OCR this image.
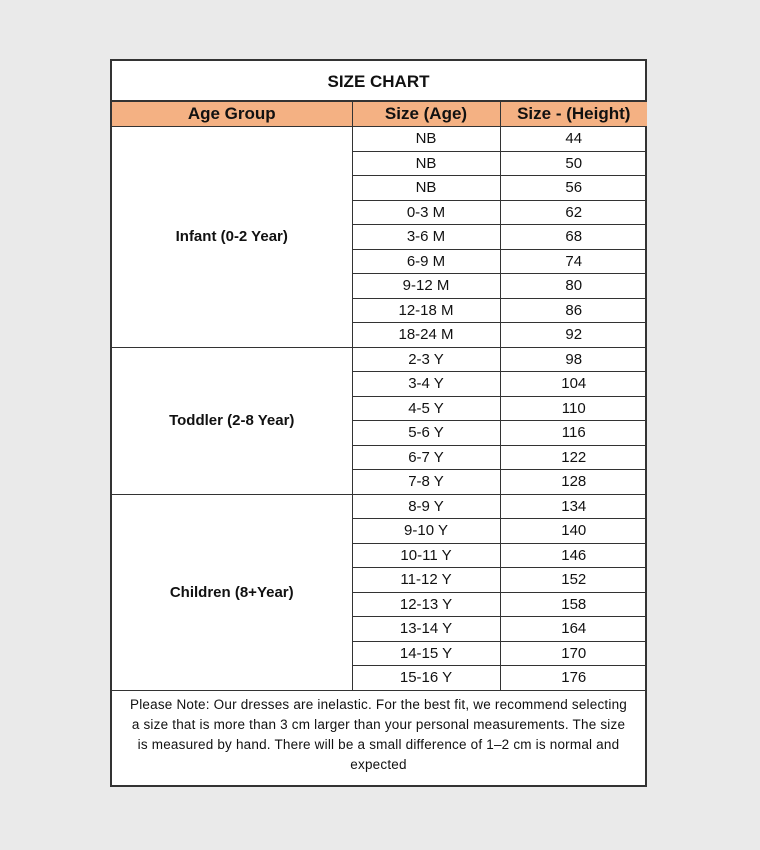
SIZE CHART
Age Group	Size (Age)	Size - (Height)
Infant (0-2 Year)	NB	44
	NB	50
	NB	56
	0-3 M	62
	3-6 M	68
	6-9 M	74
	9-12 M	80
	12-18 M	86
	18-24 M	92
Toddler (2-8 Year)	2-3 Y	98
	3-4 Y	104
	4-5 Y	110
	5-6 Y	116
	6-7 Y	122
	7-8 Y	128
Children (8+Year)	8-9 Y	134
	9-10 Y	140
	10-11 Y	146
	11-12 Y	152
	12-13 Y	158
	13-14 Y	164
	14-15 Y	170
	15-16 Y	176
Please Note: Our dresses are inelastic. For the best fit, we recommend selecting a size that is more than 3 cm larger than your personal measurements. The size is measured by hand. There will be a small difference of 1–2 cm is normal and expected
